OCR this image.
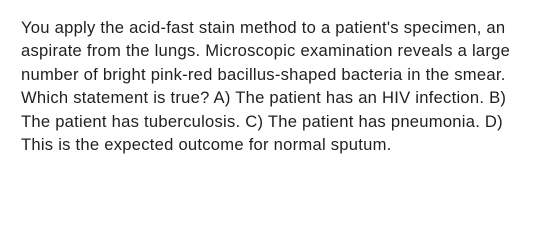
You apply the acid-fast stain method to a patient's specimen, an
aspirate from the lungs. Microscopic examination reveals a large
number of bright pink-red bacillus-shaped bacteria in the smear.
Which statement is true? A) The patient has an HIV infection. B)
The patient has tuberculosis. C) The patient has pneumonia. D)
This is the expected outcome for normal sputum.
